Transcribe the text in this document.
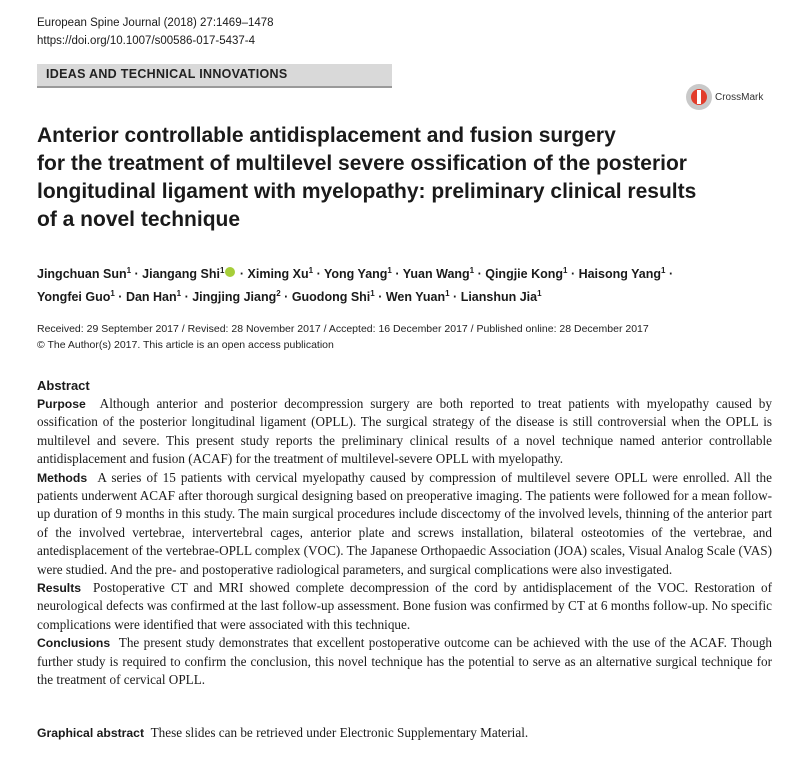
European Spine Journal (2018) 27:1469–1478
https://doi.org/10.1007/s00586-017-5437-4
IDEAS AND TECHNICAL INNOVATIONS
CrossMark
Anterior controllable antidisplacement and fusion surgery
for the treatment of multilevel severe ossification of the posterior
longitudinal ligament with myelopathy: preliminary clinical results
of a novel technique
Jingchuan Sun$^1$ · Jiangang Shi$^1$ · Ximing $Xu^1$ · Yong Yang$^1$ · Yuan Wang$^1$ · Qingjie Kong$^1$ · Haisong Yang$^1$ ·
Yongfei Guo$^1$ · Dan Han$^1$ · Jingjing Jiang$^2$ · Guodong Shi$^1$ · Wen Yuan$^1$ · Lianshun Jia$^1$
Received: 29 September 2017 / Revised: 28 November 2017 / Accepted: 16 December 2017 / Published online: 28 December 2017
© The Author(s) 2017. This article is an open access publication
Abstract

Purpose Although anterior and posterior decompression surgery are both reported to treat patients with myelopathy caused by ossification of the posterior longitudinal ligament (OPLL). The surgical strategy of the disease is still controversial when the OPLL is multilevel and severe. This present study reports the preliminary clinical results of a novel technique named anterior controllable antidisplacement and fusion (ACAF) for the treatment of multilevel-severe OPLL with myelopathy.

Methods A series of 15 patients with cervical myelopathy caused by compression of multilevel severe OPLL were enrolled. All the patients underwent ACAF after thorough surgical designing based on preoperative imaging. The patients were followed for a mean follow-up duration of 9 months in this study. The main surgical procedures include discectomy of the involved levels, thinning of the anterior part of the involved vertebrae, intervertebral cages, anterior plate and screws installation, bilateral osteotomies of the vertebrae, and antedisplacement of the vertebrae-OPLL complex (VOC). The Japanese Orthopaedic Association (JOA) scales, Visual Analog Scale (VAS) were studied. And the pre- and postoperative radiological parameters, and surgical complications were also investigated.

Results Postoperative CT and MRI showed complete decompression of the cord by antidisplacement of the VOC. Restoration of neurological defects was confirmed at the last follow-up assessment. Bone fusion was confirmed by CT at 6 months follow-up. No specific complications were identified that were associated with this technique.

Conclusions The present study demonstrates that excellent postoperative outcome can be achieved with the use of the ACAF. Though further study is required to confirm the conclusion, this novel technique has the potential to serve as an alternative surgical technique for the treatment of cervical OPLL.

Graphical abstract These slides can be retrieved under Electronic Supplementary Material.
